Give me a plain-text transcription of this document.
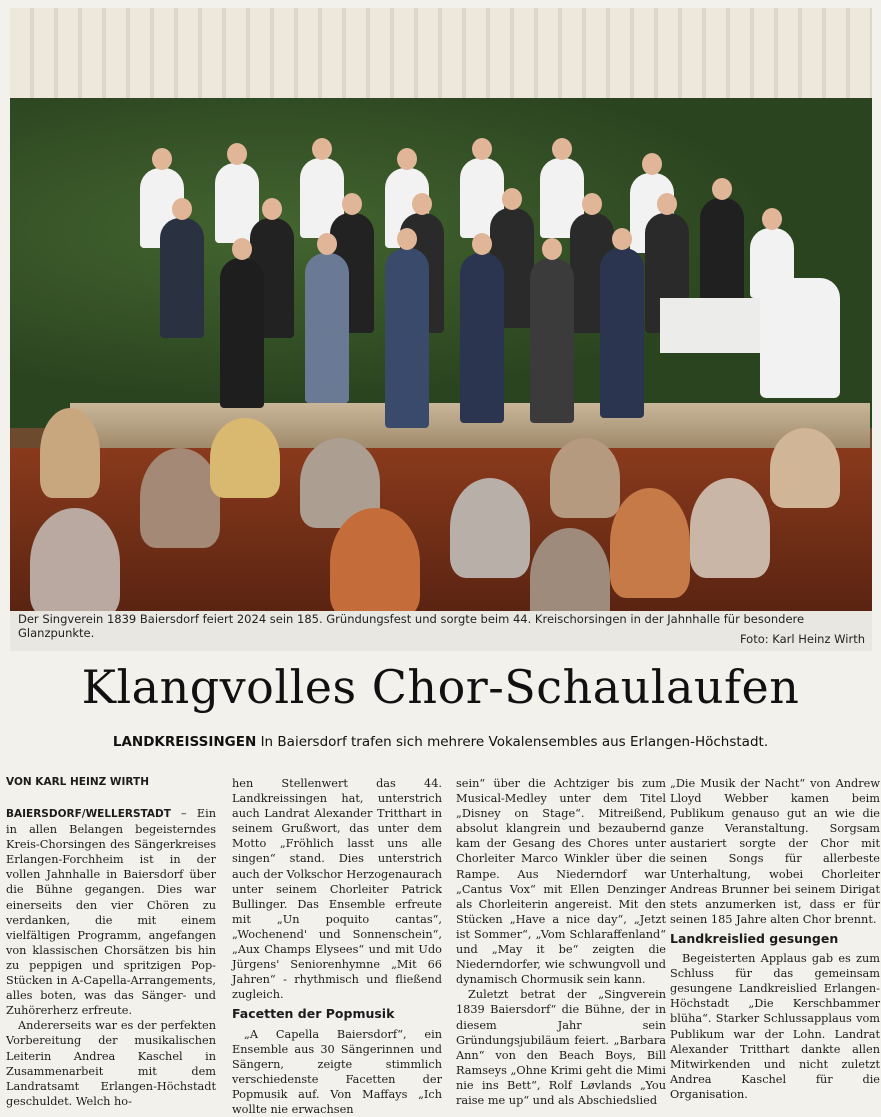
Der Singverein 1839 Baiersdorf feiert 2024 sein 185. Gründungsfest und sorgte beim 44. Kreischorsingen in der Jahnhalle für besondere Glanzpunkte.	Foto: Karl Heinz Wirth
Klangvolles Chor-Schaulaufen
LANDKREISSINGEN In Baiersdorf trafen sich mehrere Vokalensembles aus Erlangen-Höchstadt.
VON KARL HEINZ WIRTH

BAIERSDORF/WELLERSTADT – Ein in allen Belangen begeisterndes Kreis-Chorsingen des Sängerkreises Erlangen-Forchheim ist in der vollen Jahnhalle in Baiersdorf über die Bühne gegangen. Dies war einerseits den vier Chören zu verdanken, die mit einem vielfältigen Programm, angefangen von klassischen Chorsätzen bis hin zu peppigen und spritzigen Pop-Stücken in A-Capella-Arrangements, alles boten, was das Sänger- und Zuhörerherz erfreute.

Andererseits war es der perfekten Vorbereitung der musikalischen Leiterin Andrea Kaschel in Zusammenarbeit mit dem Landratsamt Erlangen-Höchstadt geschuldet. Welch ho-

hen Stellenwert das 44. Landkreissingen hat, unterstrich auch Landrat Alexander Tritthart in seinem Grußwort, das unter dem Motto „Fröhlich lasst uns alle singen“ stand. Dies unterstrich auch der Volkschor Herzogenaurach unter seinem Chorleiter Patrick Bullinger. Das Ensemble erfreute mit „Un poquito cantas“, „Wochenend' und Sonnenschein“, „Aux Champs Elysees“ und mit Udo Jürgens' Seniorenhymne „Mit 66 Jahren“ - rhythmisch und fließend zugleich.

Facetten der Popmusik

„A Capella Baiersdorf“, ein Ensemble aus 30 Sängerinnen und Sängern, zeigte stimmlich verschiedenste Facetten der Popmusik auf. Von Maffays „Ich wollte nie erwachsen

sein“ über die Achtziger bis zum Musical-Medley unter dem Titel „Disney on Stage“. Mitreißend, absolut klangrein und bezaubernd kam der Gesang des Chores unter Chorleiter Marco Winkler über die Rampe. Aus Niederndorf war „Cantus Vox“ mit Ellen Denzinger als Chorleiterin angereist. Mit den Stücken „Have a nice day“, „Jetzt ist Sommer“, „Vom Schlaraffenland“ und „May it be“ zeigten die Niederndorfer, wie schwungvoll und dynamisch Chormusik sein kann.

Zuletzt betrat der „Singverein 1839 Baiersdorf“ die Bühne, der in diesem Jahr sein Gründungsjubiläum feiert. „Barbara Ann“ von den Beach Boys, Bill Ramseys „Ohne Krimi geht die Mimi nie ins Bett“, Rolf Løvlands „You raise me up“ und als Abschiedslied

„Die Musik der Nacht“ von Andrew Lloyd Webber kamen beim Publikum genauso gut an wie die ganze Veranstaltung. Sorgsam austariert sorgte der Chor mit seinen Songs für allerbeste Unterhaltung, wobei Chorleiter Andreas Brunner bei seinem Dirigat stets anzumerken ist, dass er für seinen 185 Jahre alten Chor brennt.

Landkreislied gesungen

Begeisterten Applaus gab es zum Schluss für das gemeinsam gesungene Landkreislied Erlangen-Höchstadt „Die Kerschbammer blüha“. Starker Schlussapplaus vom Publikum war der Lohn. Landrat Alexander Tritthart dankte allen Mitwirkenden und nicht zuletzt Andrea Kaschel für die Organisation.
